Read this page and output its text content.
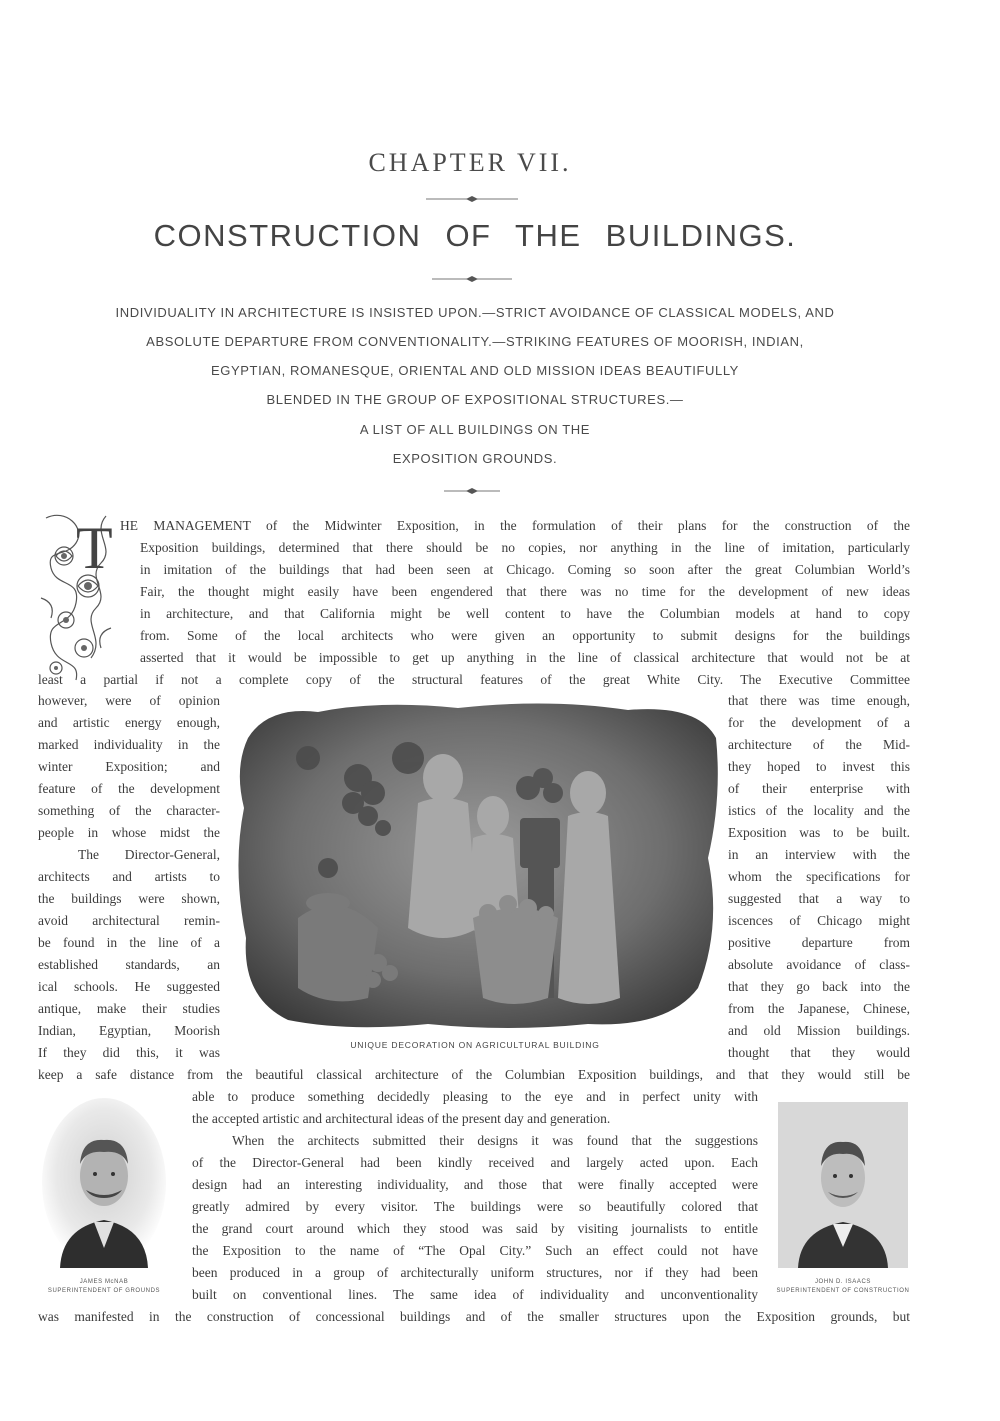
CHAPTER VII.
CONSTRUCTION OF THE BUILDINGS.
INDIVIDUALITY IN ARCHITECTURE IS INSISTED UPON.—STRICT AVOIDANCE OF CLASSICAL MODELS, AND
ABSOLUTE DEPARTURE FROM CONVENTIONALITY.—STRIKING FEATURES OF MOORISH, INDIAN,
EGYPTIAN, ROMANESQUE, ORIENTAL AND OLD MISSION IDEAS BEAUTIFULLY
BLENDED IN THE GROUP OF EXPOSITIONAL STRUCTURES.—
A LIST OF ALL BUILDINGS ON THE
EXPOSITION GROUNDS.
T HE MANAGEMENT of the Midwinter Exposition, in the formulation of their plans for the construction of the
Exposition buildings, determined that there should be no copies, nor anything in the line of imitation, particularly
in imitation of the buildings that had been seen at Chicago. Coming so soon after the great Columbian World’s
Fair, the thought might easily have been engendered that there was no time for the development of new ideas
in architecture, and that California might be well content to have the Columbian models at hand to copy
from. Some of the local architects who were given an opportunity to submit designs for the buildings
asserted that it would be impossible to get up anything in the line of classical architecture that would not be at
least a partial if not a complete copy of the structural features of the great White City. The Executive Committee
however, were of opinion
and artistic energy enough,
marked individuality in the
winter Exposition; and
feature of the development
something of the character-
people in whose midst the
The Director-General,
architects and artists to
the buildings were shown,
avoid architectural remin-
be found in the line of a
established standards, an
ical schools. He suggested
antique, make their studies
Indian, Egyptian, Moorish
If they did this, it was
that there was time enough,
for the development of a
architecture of the Mid-
they hoped to invest this
of their enterprise with
istics of the locality and the
Exposition was to be built.
in an interview with the
whom the specifications for
suggested that a way to
iscences of Chicago might
positive departure from
absolute avoidance of class-
that they go back into the
from the Japanese, Chinese,
and old Mission buildings.
thought that they would
UNIQUE DECORATION ON AGRICULTURAL BUILDING
keep a safe distance from the beautiful classical architecture of the Columbian Exposition buildings, and that they would still be
JAMES McNAB
SUPERINTENDENT OF GROUNDS
JOHN D. ISAACS
SUPERINTENDENT OF CONSTRUCTION
able to produce something decidedly pleasing to the eye and in perfect unity with
the accepted artistic and architectural ideas of the present day and generation.
When the architects submitted their designs it was found that the suggestions
of the Director-General had been kindly received and largely acted upon. Each
design had an interesting individuality, and those that were finally accepted were
greatly admired by every visitor. The buildings were so beautifully colored that
the grand court around which they stood was said by visiting journalists to entitle
the Exposition to the name of “The Opal City.” Such an effect could not have
been produced in a group of architecturally uniform structures, nor if they had been
built on conventional lines. The same idea of individuality and unconventionality
was manifested in the construction of concessional buildings and of the smaller structures upon the Exposition grounds, but
